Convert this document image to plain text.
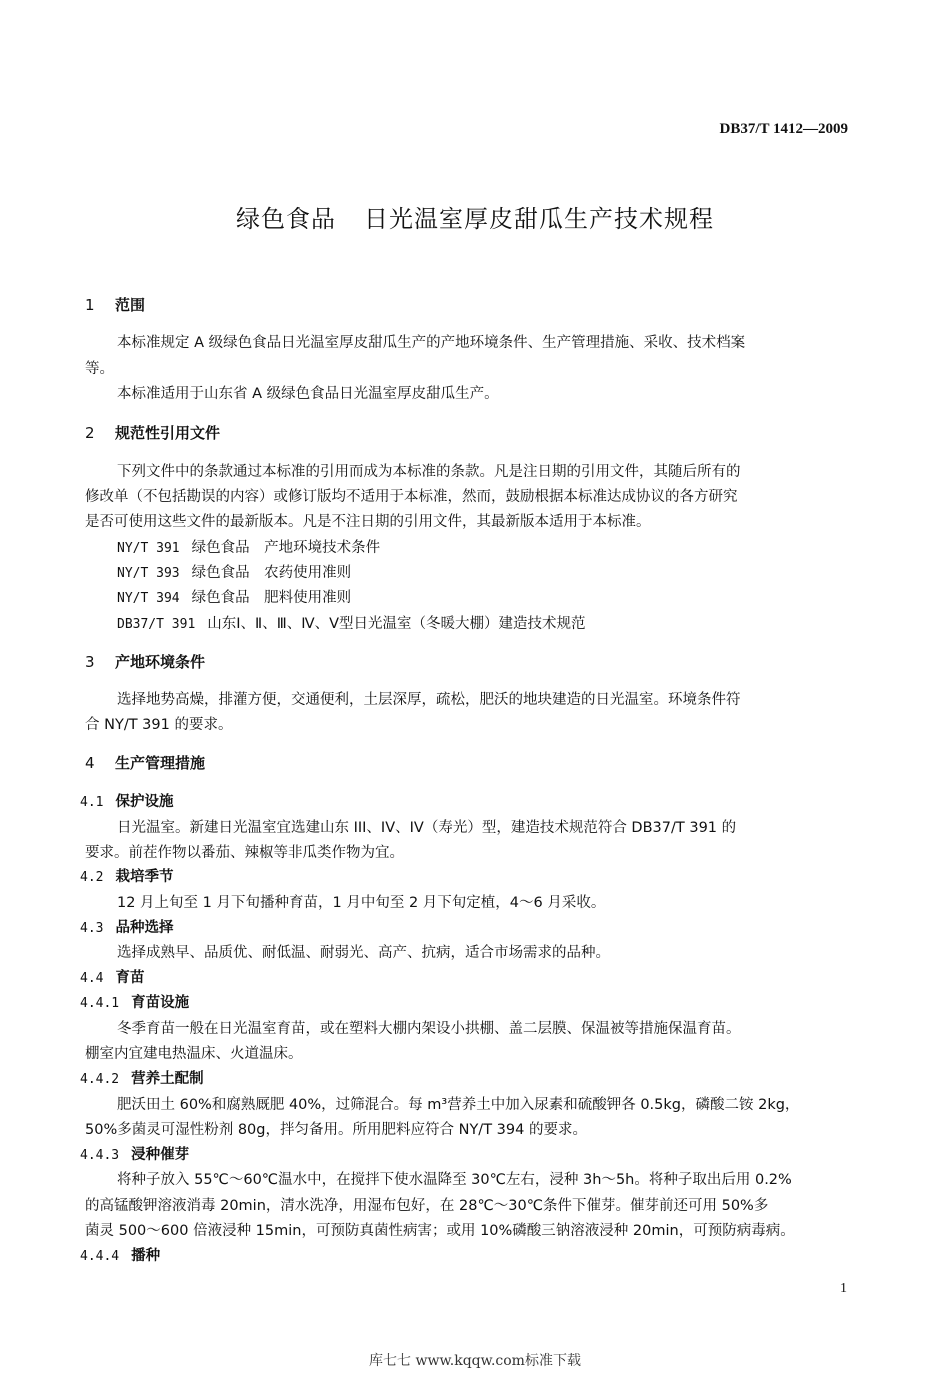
DB37/T 1412—2009
绿色食品 日光温室厚皮甜瓜生产技术规程
1 范围
本标准规定 A 级绿色食品日光温室厚皮甜瓜生产的产地环境条件、生产管理措施、采收、技术档案
等。
本标准适用于山东省 A 级绿色食品日光温室厚皮甜瓜生产。
2 规范性引用文件
下列文件中的条款通过本标准的引用而成为本标准的条款。凡是注日期的引用文件，其随后所有的
修改单（不包括勘误的内容）或修订版均不适用于本标准，然而，鼓励根据本标准达成协议的各方研究
是否可使用这些文件的最新版本。凡是不注日期的引用文件，其最新版本适用于本标准。
NY/T 391 绿色食品　产地环境技术条件
NY/T 393 绿色食品　农药使用准则
NY/T 394 绿色食品　肥料使用准则
DB37/T 391 山东Ⅰ、Ⅱ、Ⅲ、Ⅳ、Ⅴ型日光温室（冬暖大棚）建造技术规范
3 产地环境条件
选择地势高燥，排灌方便，交通便利，土层深厚，疏松，肥沃的地块建造的日光温室。环境条件符
合 NY/T 391 的要求。
4 生产管理措施
4.1 保护设施
日光温室。新建日光温室宜选建山东 III、IV、IV（寿光）型，建造技术规范符合 DB37/T 391 的
要求。前茬作物以番茄、辣椒等非瓜类作物为宜。
4.2 栽培季节
12 月上旬至 1 月下旬播种育苗，1 月中旬至 2 月下旬定植，4～6 月采收。
4.3 品种选择
选择成熟早、品质优、耐低温、耐弱光、高产、抗病，适合市场需求的品种。
4.4 育苗
4.4.1 育苗设施
冬季育苗一般在日光温室育苗，或在塑料大棚内架设小拱棚、盖二层膜、保温被等措施保温育苗。
棚室内宜建电热温床、火道温床。
4.4.2 营养土配制
肥沃田土 60%和腐熟厩肥 40%，过筛混合。每 m³营养土中加入尿素和硫酸钾各 0.5kg，磷酸二铵 2kg，
50%多菌灵可湿性粉剂 80g，拌匀备用。所用肥料应符合 NY/T 394 的要求。
4.4.3 浸种催芽
将种子放入 55℃～60℃温水中，在搅拌下使水温降至 30℃左右，浸种 3h～5h。将种子取出后用 0.2%
的高锰酸钾溶液消毒 20min，清水洗净，用湿布包好，在 28℃～30℃条件下催芽。催芽前还可用 50%多
菌灵 500～600 倍液浸种 15min，可预防真菌性病害；或用 10%磷酸三钠溶液浸种 20min，可预防病毒病。
4.4.4 播种
1
库七七 www.kqqw.com标准下载
